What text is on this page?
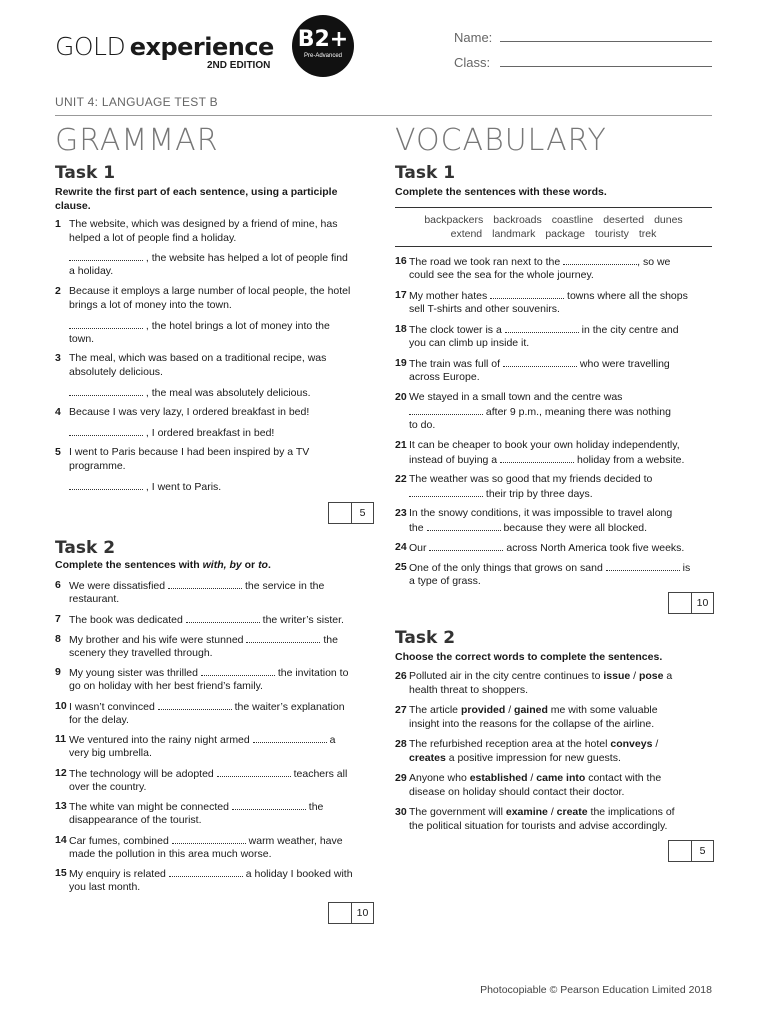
GOLD experience
2ND EDITION
B2+
Pre-Advanced
Name:
Class:
UNIT 4: LANGUAGE TEST B
GRAMMAR
Task 1
Rewrite the first part of each sentence, using a participle clause.
1 The website, which was designed by a friend of mine, has
helped a lot of people find a holiday.
, the website has helped a lot of people find
a holiday.
2 Because it employs a large number of local people, the hotel
brings a lot of money into the town.
, the hotel brings a lot of money into the
town.
3 The meal, which was based on a traditional recipe, was
absolutely delicious.
, the meal was absolutely delicious.
4 Because I was very lazy, I ordered breakfast in bed!
, I ordered breakfast in bed!
5 I went to Paris because I had been inspired by a TV
programme.
, I went to Paris.
5
Task 2
Complete the sentences with with, by or to.
6 We were dissatisfied	the service in the
restaurant.
7 The book was dedicated	the writer’s sister.
8 My brother and his wife were stunned	the
scenery they travelled through.
9 My young sister was thrilled	the invitation to
go on holiday with her best friend’s family.
10 I wasn’t convinced	the waiter’s explanation
for the delay.
11 We ventured into the rainy night armed	a
very big umbrella.
12 The technology will be adopted	teachers all
over the country.
13 The white van might be connected	the
disappearance of the tourist.
14 Car fumes, combined	warm weather, have
made the pollution in this area much worse.
15 My enquiry is related	a holiday I booked with
you last month.
10
VOCABULARY
Task 1
Complete the sentences with these words.
backpackers backroads coastline deserted dunes
extend landmark package touristy trek
16 The road we took ran next to the	, so we
could see the sea for the whole journey.
17 My mother hates	towns where all the shops
sell T-shirts and other souvenirs.
18 The clock tower is a	in the city centre and
you can climb up inside it.
19 The train was full of	who were travelling
across Europe.
20 We stayed in a small town and the centre was
after 9 p.m., meaning there was nothing
to do.
21 It can be cheaper to book your own holiday independently,
instead of buying a	holiday from a website.
22 The weather was so good that my friends decided to
their trip by three days.
23 In the snowy conditions, it was impossible to travel along
the	because they were all blocked.
24 Our	across North America took five weeks.
25 One of the only things that grows on sand	is
a type of grass.
10
Task 2
Choose the correct words to complete the sentences.
26 Polluted air in the city centre continues to issue / pose a
health threat to shoppers.
27 The article provided / gained me with some valuable
insight into the reasons for the collapse of the airline.
28 The refurbished reception area at the hotel conveys /
creates a positive impression for new guests.
29 Anyone who established / came into contact with the
disease on holiday should contact their doctor.
30 The government will examine / create the implications of
the political situation for tourists and advise accordingly.
5
Photocopiable © Pearson Education Limited 2018
